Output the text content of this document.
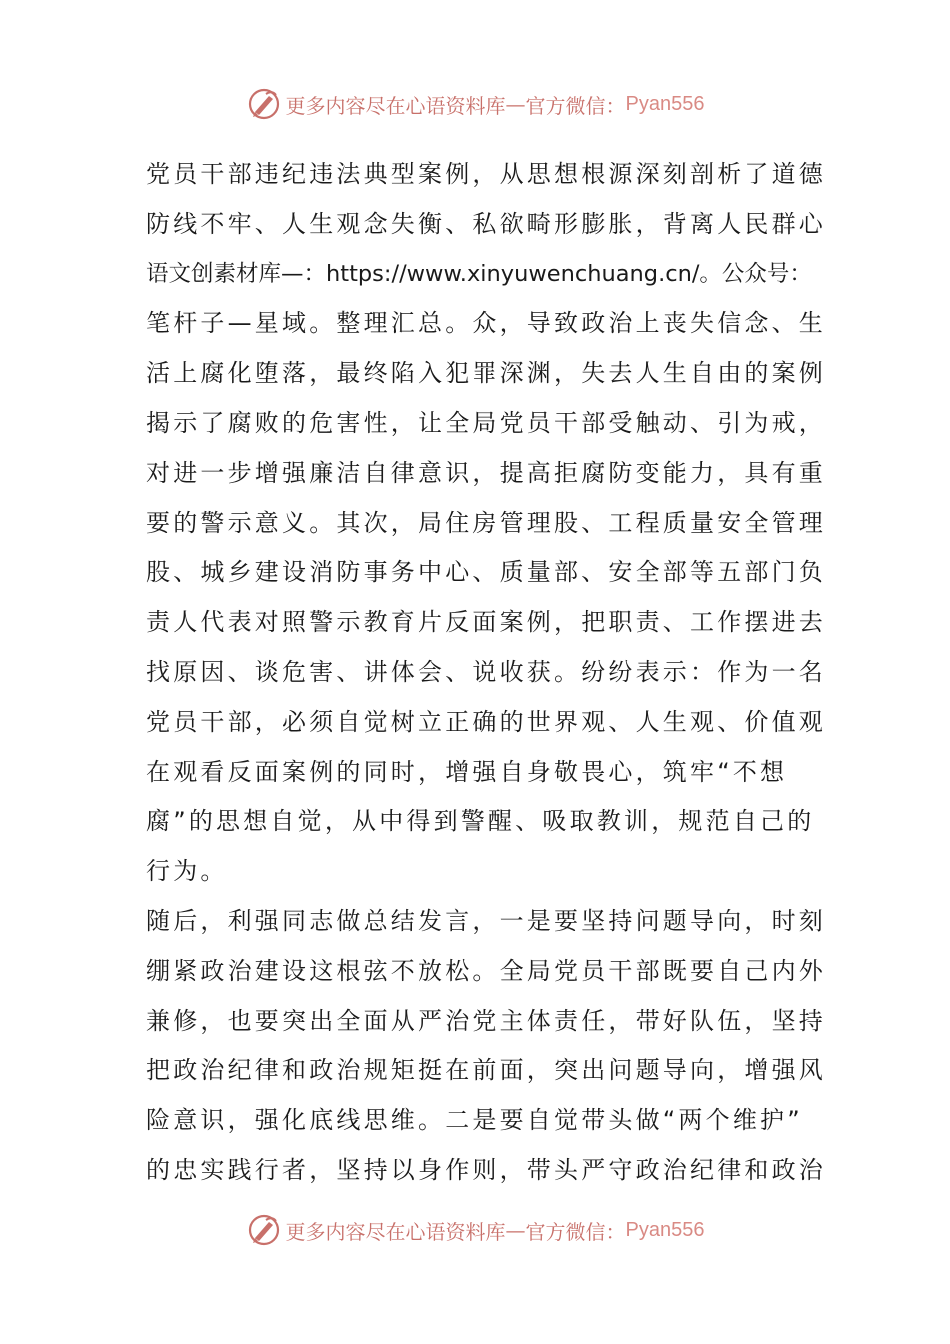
更多内容尽在心语资料库 — 官方微信： Pyan556
党员干部违纪违法典型案例，从思想根源深刻剖析了道德
防线不牢、人生观念失衡、私欲畸形膨胀，背离人民群心
语文创素材库—：https://www.xinyuwenchuang.cn/。公众号：
笔杆子—星域。整理汇总。众，导致政治上丧失信念、生
活上腐化堕落，最终陷入犯罪深渊，失去人生自由的案例
揭示了腐败的危害性，让全局党员干部受触动、引为戒，
对进一步增强廉洁自律意识，提高拒腐防变能力，具有重
要的警示意义。其次，局住房管理股、工程质量安全管理
股、城乡建设消防事务中心、质量部、安全部等五部门负
责人代表对照警示教育片反面案例，把职责、工作摆进去
找原因、谈危害、讲体会、说收获。纷纷表示：作为一名
党员干部，必须自觉树立正确的世界观、人生观、价值观
在观看反面案例的同时，增强自身敬畏心，筑牢“不想
腐”的思想自觉，从中得到警醒、吸取教训，规范自己的
行为。
随后，利强同志做总结发言，一是要坚持问题导向，时刻
绷紧政治建设这根弦不放松。全局党员干部既要自己内外
兼修，也要突出全面从严治党主体责任，带好队伍，坚持
把政治纪律和政治规矩挺在前面，突出问题导向，增强风
险意识，强化底线思维。二是要自觉带头做“两个维护”
的忠实践行者，坚持以身作则，带头严守政治纪律和政治
更多内容尽在心语资料库 — 官方微信： Pyan556
